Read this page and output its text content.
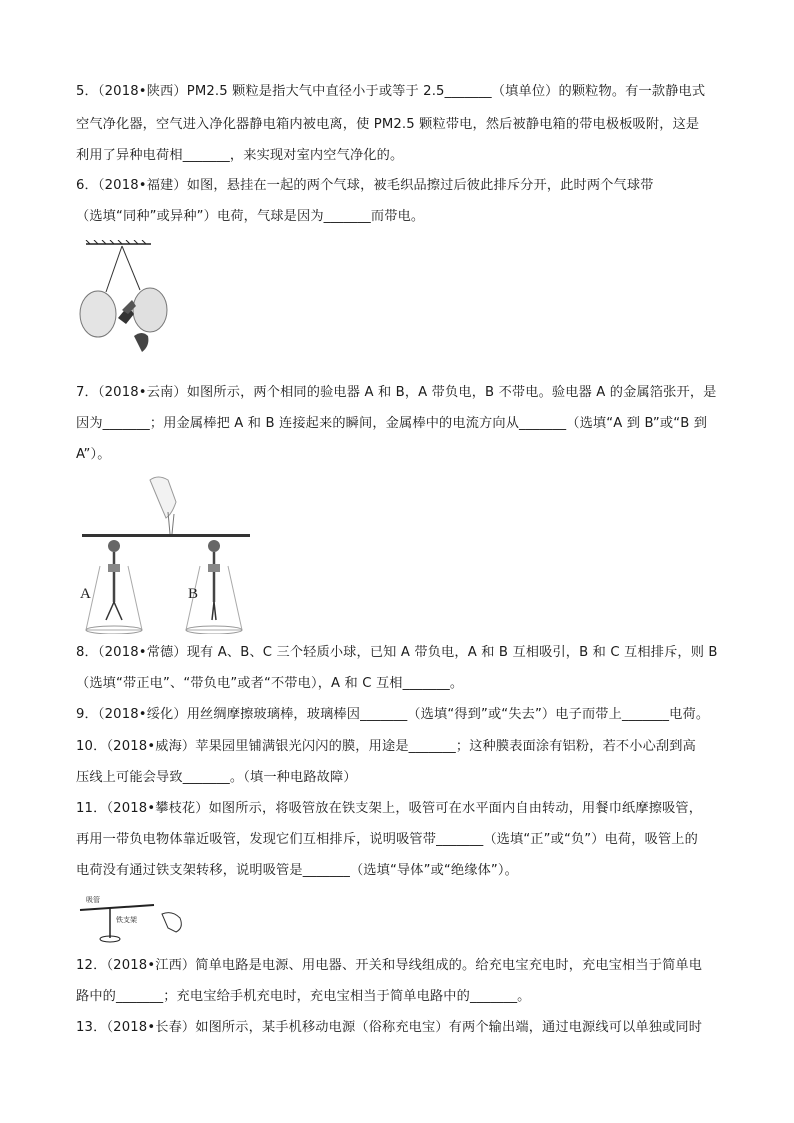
5．（2018•陕西）PM2.5 颗粒是指大气中直径小于或等于 2.5_______（填单位）的颗粒物。有一款静电式
空气净化器，空气进入净化器静电箱内被电离，使 PM2.5 颗粒带电，然后被静电箱的带电极板吸附，这是
利用了异种电荷相_______，来实现对室内空气净化的。
6．（2018•福建）如图，悬挂在一起的两个气球，被毛织品擦过后彼此排斥分开，此时两个气球带
（选填“同种”或异种”）电荷，气球是因为_______而带电。
7．（2018•云南）如图所示，两个相同的验电器 A 和 B，A 带负电，B 不带电。验电器 A 的金属箔张开，是
因为_______；用金属棒把 A 和 B 连接起来的瞬间，金属棒中的电流方向从_______（选填“A 到 B”或“B 到
A”）。
A	B
8．（2018•常德）现有 A、B、C 三个轻质小球，已知 A 带负电，A 和 B 互相吸引，B 和 C 互相排斥，则 B
（选填“带正电”、“带负电”或者“不带电），A 和 C 互相_______。
9．（2018•绥化）用丝绸摩擦玻璃棒，玻璃棒因_______（选填“得到”或“失去”）电子而带上_______电荷。
10．（2018•威海）苹果园里铺满银光闪闪的膜，用途是_______；这种膜表面涂有铝粉，若不小心刮到高
压线上可能会导致_______。（填一种电路故障）
11．（2018•攀枝花）如图所示，将吸管放在铁支架上，吸管可在水平面内自由转动，用餐巾纸摩擦吸管，
再用一带负电物体靠近吸管，发现它们互相排斥，说明吸管带_______（选填“正”或“负”）电荷，吸管上的
电荷没有通过铁支架转移，说明吸管是_______（选填“导体”或“绝缘体”）。
吸管
铁支架
12．（2018•江西）简单电路是电源、用电器、开关和导线组成的。给充电宝充电时，充电宝相当于简单电
路中的_______；充电宝给手机充电时，充电宝相当于简单电路中的_______。
13．（2018•长春）如图所示，某手机移动电源（俗称充电宝）有两个输出端，通过电源线可以单独或同时
